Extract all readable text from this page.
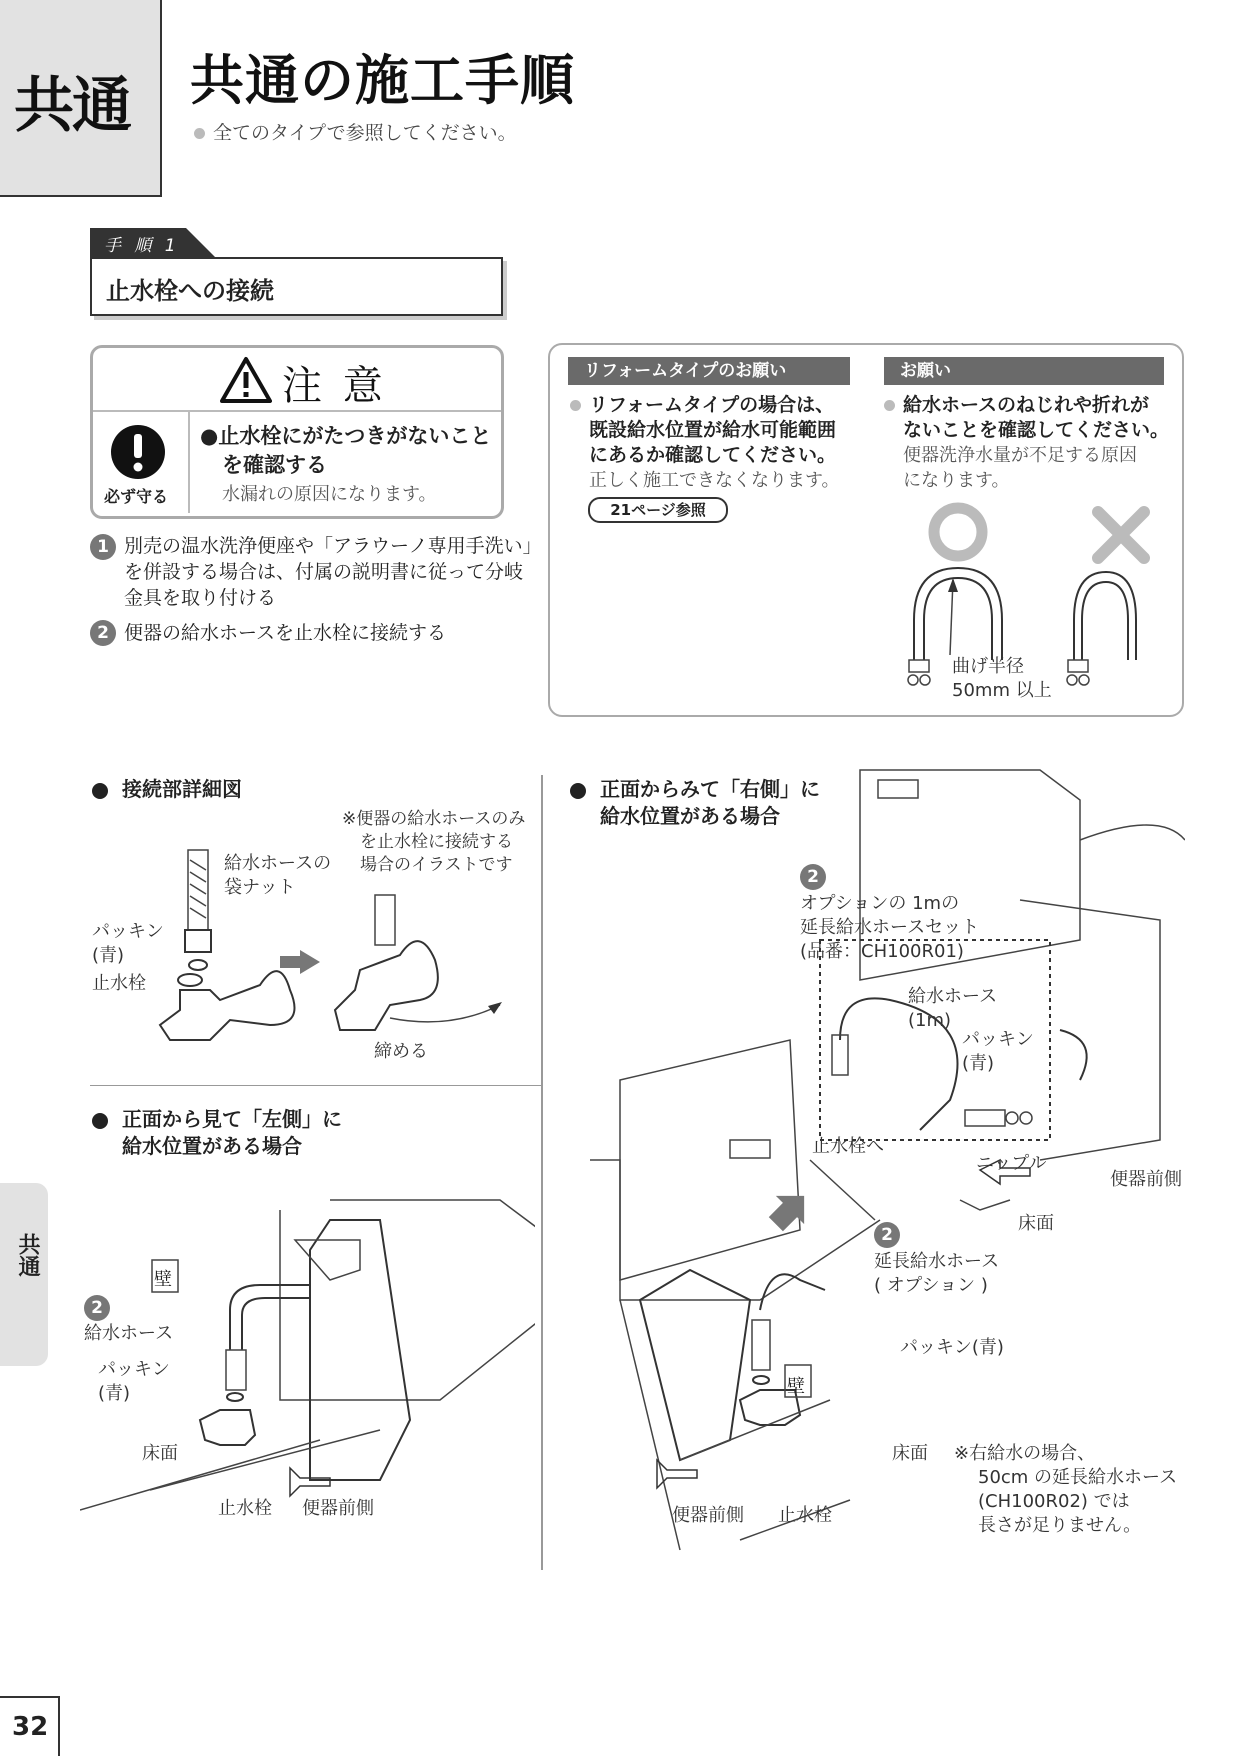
共通 共通の施工手順
全てのタイプで参照してください。
手 順 1
止水栓への接続
注 意
必ず守る
●止水栓にがたつきがないこと
を確認する
水漏れの原因になります。
1 別売の温水洗浄便座や「アラウーノ専用手洗い」
を併設する場合は、付属の説明書に従って分岐
金具を取り付ける
2 便器の給水ホースを止水栓に接続する
リフォームタイプのお願い	お願い
リフォームタイプの場合は、
既設給水位置が給水可能範囲
にあるか確認してください。
正しく施工できなくなります。
21ページ参照
給水ホースのねじれや折れが
ないことを確認してください。
便器洗浄水量が不足する原因
になります。
曲げ半径
50mm 以上
接続部詳細図
※便器の給水ホースのみ
を止水栓に接続する
場合のイラストです
給水ホースの
袋ナット
パッキン
(青)
止水栓
締める
正面から見て「左側」に
給水位置がある場合
壁
2
給水ホース
パッキン
(青)
床面
止水栓 便器前側
正面からみて「右側」に
給水位置がある場合
2
オプションの 1mの
延長給水ホースセット
(品番：CH100R01)
給水ホース
(1m)
パッキン
(青)
止水栓へ
ニップル
便器前側
床面
2
延長給水ホース
( オプション )
パッキン(青)
壁
床面 ※右給水の場合、
50cm の延長給水ホース
(CH100R02) では
長さが足りません。
便器前側 止水栓
共通
32
